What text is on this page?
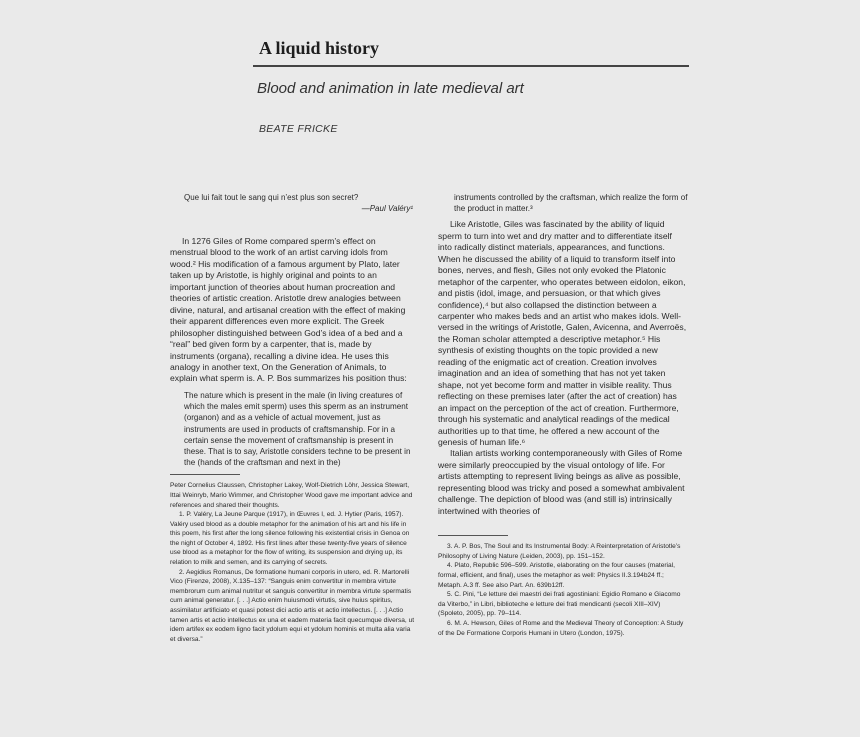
A liquid history
Blood and animation in late medieval art
BEATE FRICKE
Que lui fait tout le sang qui n’est plus son secret?
—Paul Valéry¹

In 1276 Giles of Rome compared sperm’s effect on menstrual blood to the work of an artist carving idols from wood.² His modification of a famous argument by Plato, later taken up by Aristotle, is highly original and points to an important junction of theories about human procreation and theories of artistic creation. Aristotle drew analogies between divine, natural, and artisanal creation with the effect of making their apparent differences even more explicit. The Greek philosopher distinguished between God’s idea of a bed and a “real” bed given form by a carpenter, that is, made by instruments (organa), recalling a divine idea. He uses this analogy in another text, On the Generation of Animals, to explain what sperm is. A. P. Bos summarizes his position thus:

The nature which is present in the male (in living creatures of which the males emit sperm) uses this sperm as an instrument (organon) and as a vehicle of actual movement, just as instruments are used in products of craftsmanship. For in a certain sense the movement of craftsmanship is present in these. That is to say, Aristotle considers techne to be present in the (hands of the craftsman and next in the)

Peter Cornelius Claussen, Christopher Lakey, Wolf-Dietrich Löhr, Jessica Stewart, Ittai Weinryb, Mario Wimmer, and Christopher Wood gave me important advice and references and shared their thoughts.

1. P. Valéry, La Jeune Parque (1917), in Œuvres I, ed. J. Hytier (Paris, 1957). Valéry used blood as a double metaphor for the animation of his art and his life in this poem, his first after the long silence following his existential crisis in Genoa on the night of October 4, 1892. His first lines after these twenty-five years of silence use blood as a metaphor for the flow of writing, its suspension and drying up, its relation to milk and semen, and its carrying of secrets.

2. Aegidius Romanus, De formatione humani corporis in utero, ed. R. Martorelli Vico (Firenze, 2008), X.135–137: “Sanguis enim convertitur in membra virtute membrorum cum animal nutritur et sanguis convertitur in membra virtute spermatis cum animal generatur. [. . .] Actio enim huiusmodi virtutis, sive huius spiritus, assimilatur artificiato et quasi potest dici actio artis et actio intellectus. [. . .] Actio tamen artis et actio intellectus ex una et eadem materia facit quecumque diversa, ut idem artifex ex eodem ligno facit ydolum equi et ydolum hominis et multa alia varia et diversa.”

instruments controlled by the craftsman, which realize the form of the product in matter.³

Like Aristotle, Giles was fascinated by the ability of liquid sperm to turn into wet and dry matter and to differentiate itself into radically distinct materials, appearances, and functions. When he discussed the ability of a liquid to transform itself into bones, nerves, and flesh, Giles not only evoked the Platonic metaphor of the carpenter, who operates between eidolon, eikon, and pistis (idol, image, and persuasion, or that which gives confidence),⁴ but also collapsed the distinction between a carpenter who makes beds and an artist who makes idols. Well-versed in the writings of Aristotle, Galen, Avicenna, and Averroës, the Roman scholar attempted a descriptive metaphor.⁵ His synthesis of existing thoughts on the topic provided a new reading of the enigmatic act of creation. Creation involves imagination and an idea of something that has not yet taken shape, not yet become form and matter in visible reality. Thus reflecting on these premises later (after the act of creation) has an impact on the perception of the act of creation. Furthermore, through his systematic and analytical readings of the medical authorities up to that time, he offered a new account of the genesis of human life.⁶

Italian artists working contemporaneously with Giles of Rome were similarly preoccupied by the visual ontology of life. For artists attempting to represent living beings as alive as possible, representing blood was tricky and posed a somewhat ambivalent challenge. The depiction of blood was (and still is) intrinsically intertwined with theories of

3. A. P. Bos, The Soul and Its Instrumental Body: A Reinterpretation of Aristotle’s Philosophy of Living Nature (Leiden, 2003), pp. 151–152.

4. Plato, Republic 596–599. Aristotle, elaborating on the four causes (material, formal, efficient, and final), uses the metaphor as well: Physics II.3.194b24 ff.; Metaph. A.3 ff. See also Part. An. 639b12ff.

5. C. Pini, “Le letture dei maestri dei frati agostiniani: Egidio Romano e Giacomo da Viterbo,” in Libri, biblioteche e letture dei frati mendicanti (secoli XIII–XIV) (Spoleto, 2005), pp. 79–114.

6. M. A. Hewson, Giles of Rome and the Medieval Theory of Conception: A Study of the De Formatione Corporis Humani in Utero (London, 1975).
